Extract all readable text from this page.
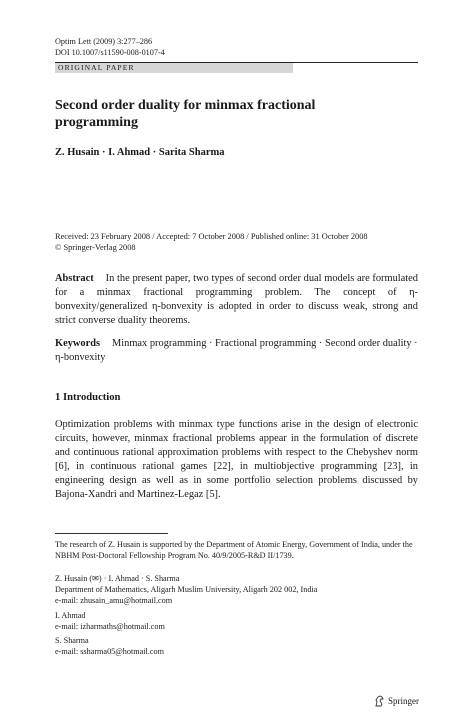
Optim Lett (2009) 3:277–286
DOI 10.1007/s11590-008-0107-4
ORIGINAL PAPER
Second order duality for minmax fractional programming
Z. Husain · I. Ahmad · Sarita Sharma
Received: 23 February 2008 / Accepted: 7 October 2008 / Published online: 31 October 2008
© Springer-Verlag 2008
Abstract In the present paper, two types of second order dual models are formulated for a minmax fractional programming problem. The concept of η-bonvexity/generalized η-bonvexity is adopted in order to discuss weak, strong and strict converse duality theorems.
Keywords Minmax programming · Fractional programming · Second order duality · η-bonvexity
1 Introduction
Optimization problems with minmax type functions arise in the design of electronic circuits, however, minmax fractional problems appear in the formulation of discrete and continuous rational approximation problems with respect to the Chebyshev norm [6], in continuous rational games [22], in multiobjective programming [23], in engineering design as well as in some portfolio selection problems discussed by Bajona-Xandri and Martinez-Legaz [5].
The research of Z. Husain is supported by the Department of Atomic Energy, Government of India, under the NBHM Post-Doctoral Fellowship Program No. 40/9/2005-R&D II/1739.
Z. Husain (✉) · I. Ahmad · S. Sharma
Department of Mathematics, Aligarh Muslim University, Aligarh 202 002, India
e-mail: zhusain_amu@hotmail.com
I. Ahmad
e-mail: izharmaths@hotmail.com
S. Sharma
e-mail: ssharma05@hotmail.com
Springer
